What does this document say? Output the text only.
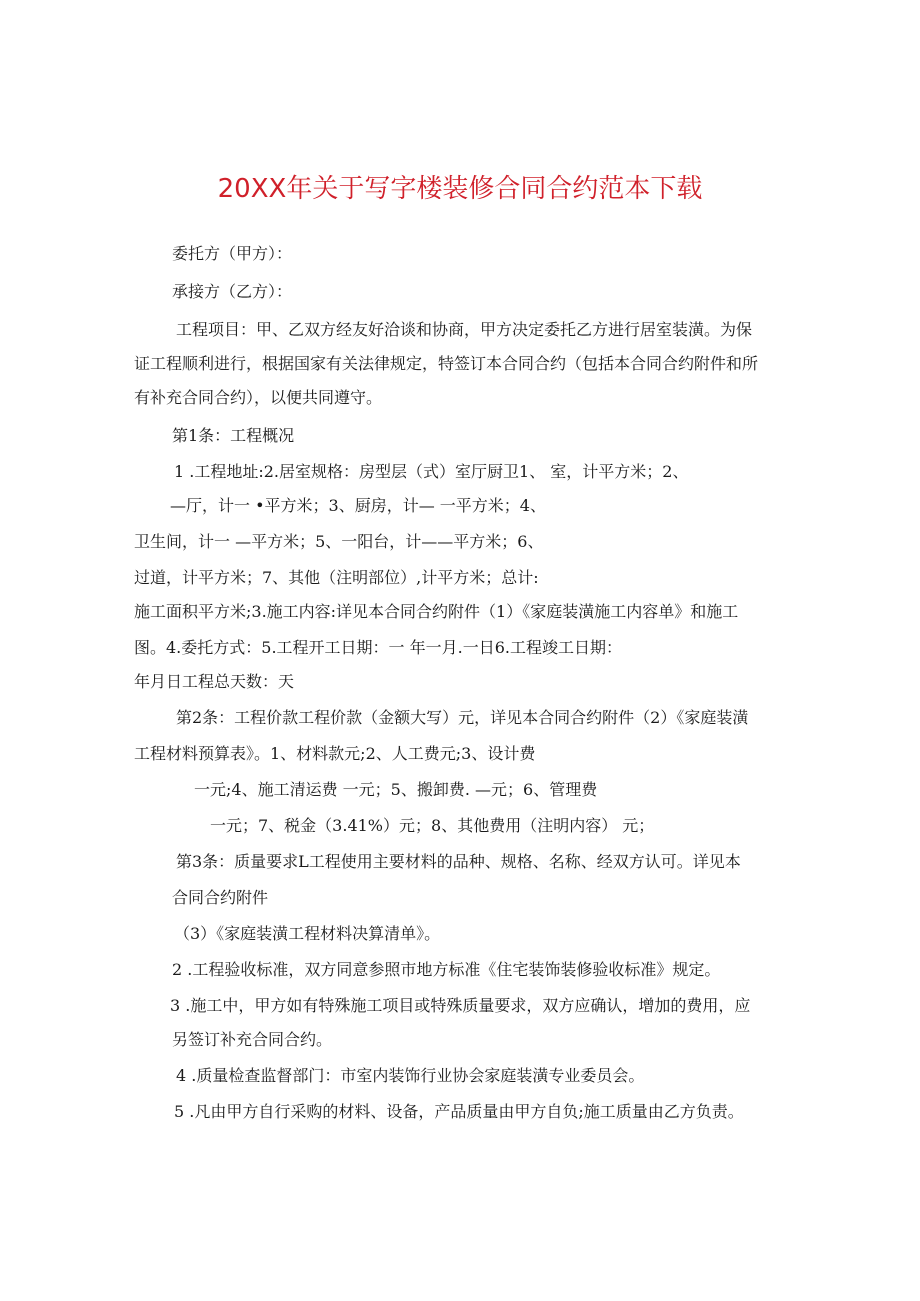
20XX年关于写字楼装修合同合约范本下载
委托方（甲方）：
承接方（乙方）：
工程项目：甲、乙双方经友好洽谈和协商，甲方决定委托乙方进行居室装潢。为保
证工程顺利进行，根据国家有关法律规定，特签订本合同合约（包括本合同合约附件和所
有补充合同合约），以便共同遵守。
第1条：工程概况
1 .工程地址:2.居室规格：房型层（式）室厅厨卫1、 室，计平方米；2、
—厅，计一 •平方米；3、厨房，计— 一平方米；4、
卫生间，计一 —平方米；5、一阳台，计——平方米；6、
过道，计平方米；7、其他（注明部位）,计平方米；总计:
施工面积平方米;3.施工内容:详见本合同合约附件（1）《家庭装潢施工内容单》和施工
图。4.委托方式：5.工程开工日期：一 年一月.一日6.工程竣工日期：
年月日工程总天数：天
第2条：工程价款工程价款（金额大写）元，详见本合同合约附件（2）《家庭装潢
工程材料预算表》。1、材料款元;2、人工费元;3、设计费
一元;4、施工清运费 一元；5、搬卸费. —元；6、管理费
一元；7、税金（3.41%）元；8、其他费用（注明内容） 元；
第3条：质量要求L工程使用主要材料的品种、规格、名称、经双方认可。详见本
合同合约附件
（3）《家庭装潢工程材料决算清单》。
2 .工程验收标准，双方同意参照市地方标准《住宅装饰装修验收标准》规定。
3 .施工中，甲方如有特殊施工项目或特殊质量要求，双方应确认，增加的费用，应
另签订补充合同合约。
4 .质量检查监督部门：市室内装饰行业协会家庭装潢专业委员会。
5 .凡由甲方自行采购的材料、设备，产品质量由甲方自负;施工质量由乙方负责。
